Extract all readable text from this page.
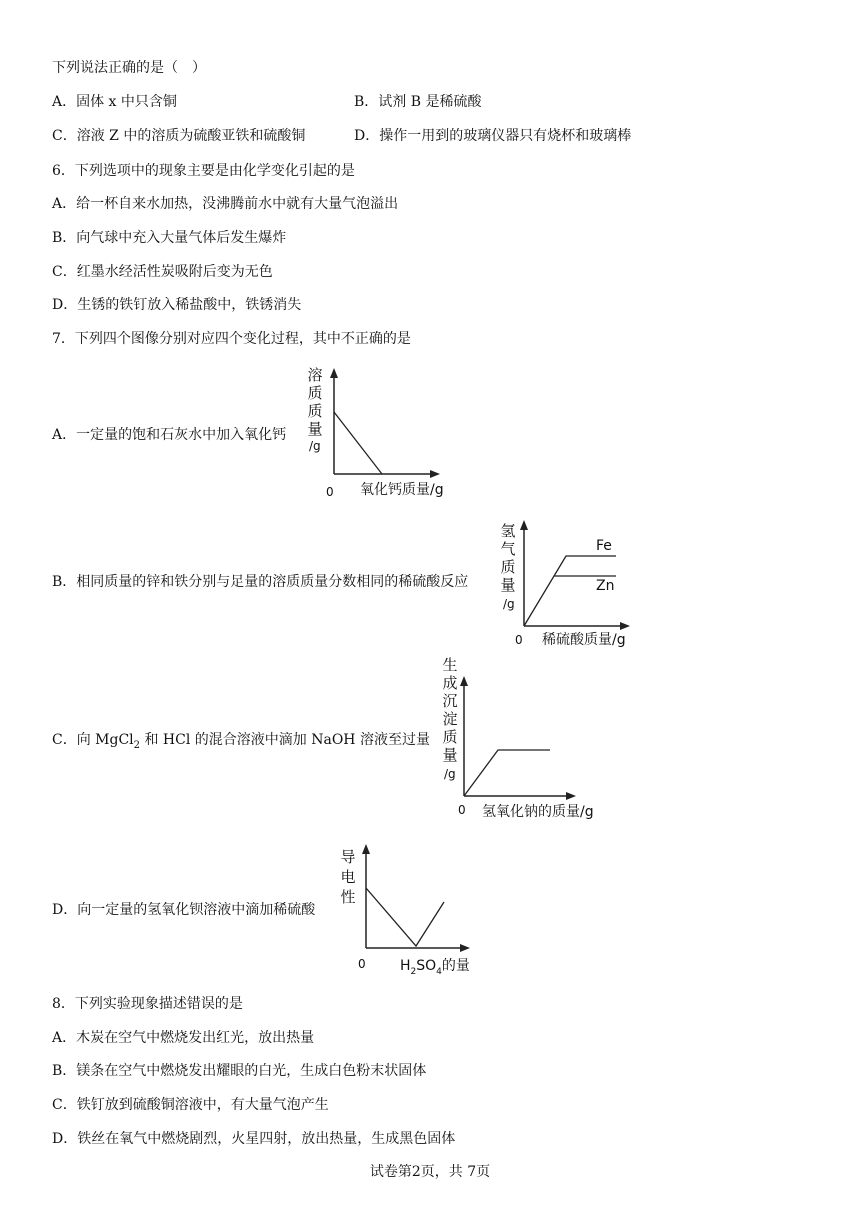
下列说法正确的是（　）
A．固体 x 中只含铜	B．试剂 B 是稀硫酸
C．溶液 Z 中的溶质为硫酸亚铁和硫酸铜	D．操作一用到的玻璃仪器只有烧杯和玻璃棒
6．下列选项中的现象主要是由化学变化引起的是
A．给一杯自来水加热，没沸腾前水中就有大量气泡溢出
B．向气球中充入大量气体后发生爆炸
C．红墨水经活性炭吸附后变为无色
D．生锈的铁钉放入稀盐酸中，铁锈消失
7．下列四个图像分别对应四个变化过程，其中不正确的是
A．一定量的饱和石灰水中加入氧化钙
溶
质
质
量
/g
0 氧化钙质量/g
B．相同质量的锌和铁分别与足量的溶质质量分数相同的稀硫酸反应
氢
气
质
量
/g
0 稀硫酸质量/g
Fe
Zn
C．向 MgCl$_2$ 和 HCl 的混合溶液中滴加 NaOH 溶液至过量
生
成
沉
淀
质
量
/g
0 氢氧化钠的质量/g
D．向一定量的氢氧化钡溶液中滴加稀硫酸
导
电
性
0 $H_2SO_4$的量
8．下列实验现象描述错误的是
A．木炭在空气中燃烧发出红光，放出热量
B．镁条在空气中燃烧发出耀眼的白光，生成白色粉末状固体
C．铁钉放到硫酸铜溶液中，有大量气泡产生
D．铁丝在氧气中燃烧剧烈，火星四射，放出热量，生成黑色固体
试卷第2页，共 7页
